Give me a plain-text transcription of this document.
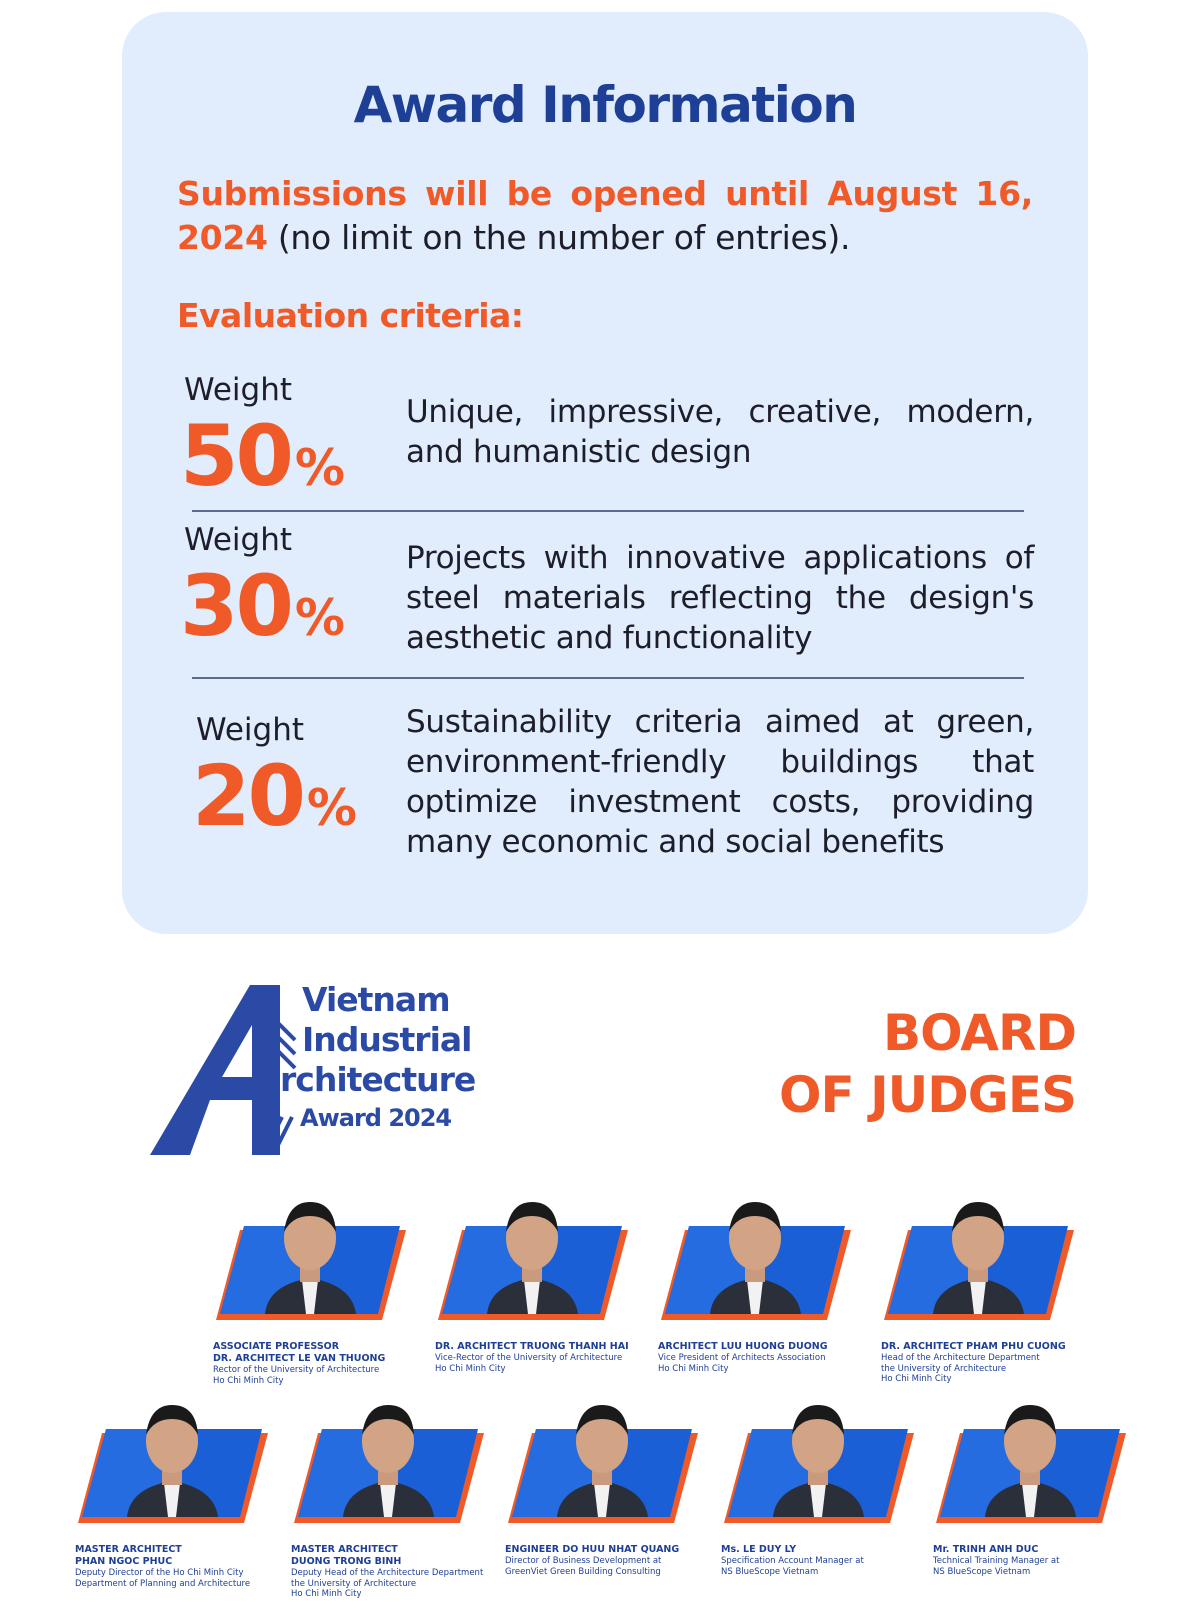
Award Information

Submissions will be opened until August 16, 2024 (no limit on the number of entries).

Evaluation criteria:
Weight
50%

Unique, impressive, creative, modern, and humanistic design

Weight
30%

Projects with innovative applications of steel materials reflecting the design's aesthetic and functionality

Weight
20%

Sustainability criteria aimed at green, environment-friendly buildings that optimize investment costs, providing many economic and social benefits

Vietnam
Industrial
rchitecture
Award 2024
BOARD
OF JUDGES
ASSOCIATE PROFESSOR
DR. ARCHITECT LE VAN THUONG
Rector of the University of Architecture
Ho Chi Minh City
DR. ARCHITECT TRUONG THANH HAI
Vice-Rector of the University of Architecture
Ho Chi Minh City
ARCHITECT LUU HUONG DUONG
Vice President of Architects Association
Ho Chi Minh City
DR. ARCHITECT PHAM PHU CUONG
Head of the Architecture Department
the University of Architecture
Ho Chi Minh City
MASTER ARCHITECT
PHAN NGOC PHUC
Deputy Director of the Ho Chi Minh City
Department of Planning and Architecture
MASTER ARCHITECT
DUONG TRONG BINH
Deputy Head of the Architecture Department
the University of Architecture
Ho Chi Minh City
ENGINEER DO HUU NHAT QUANG
Director of Business Development at
GreenViet Green Building Consulting
Ms. LE DUY LY
Specification Account Manager at
NS BlueScope Vietnam
Mr. TRINH ANH DUC
Technical Training Manager at
NS BlueScope Vietnam
